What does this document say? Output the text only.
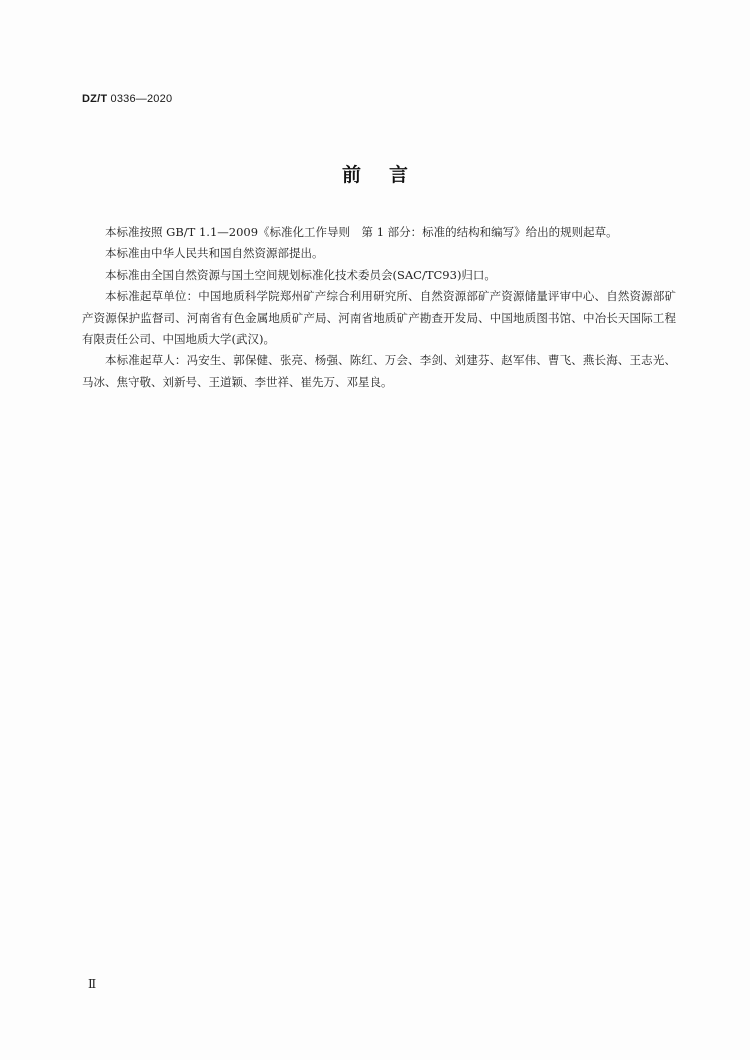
DZ/T 0336—2020
前言

本标准按照 GB/T 1.1—2009《标准化工作导则　第 1 部分：标准的结构和编写》给出的规则起草。

本标准由中华人民共和国自然资源部提出。

本标准由全国自然资源与国土空间规划标准化技术委员会(SAC/TC93)归口。

本标准起草单位：中国地质科学院郑州矿产综合利用研究所、自然资源部矿产资源储量评审中心、自然资源部矿产资源保护监督司、河南省有色金属地质矿产局、河南省地质矿产勘查开发局、中国地质图书馆、中冶长天国际工程有限责任公司、中国地质大学(武汉)。

本标准起草人：冯安生、郭保健、张亮、杨强、陈红、万会、李剑、刘建芬、赵军伟、曹飞、燕长海、王志光、马冰、焦守敬、刘新号、王道颖、李世祥、崔先万、邓星良。

Ⅱ
